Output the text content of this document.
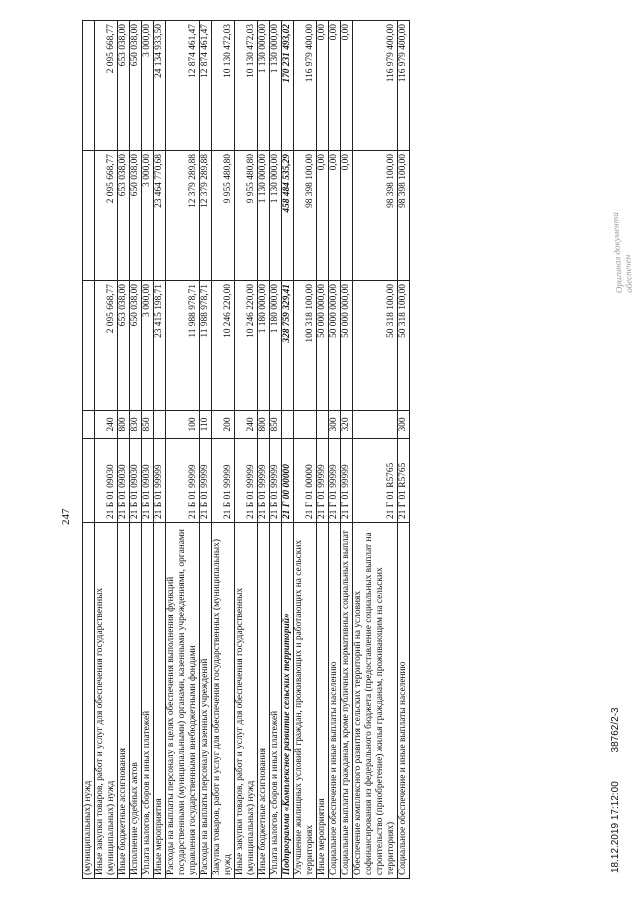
247
(муниципальных) нужд					
Иные закупки товаров, работ и услуг для обеспечения государственных (муниципальных) нужд	21 Б 01 09030	240	2 095 668,77	2 095 668,77	2 095 668,77
Иные бюджетные ассигнования	21 Б 01 09030	800	653 038,00	653 038,00	653 038,00
Исполнение судебных актов	21 Б 01 09030	830	650 038,00	650 038,00	650 038,00
Уплата налогов, сборов и иных платежей	21 Б 01 09030	850	3 000,00	3 000,00	3 000,00
Иные мероприятия	21 Б 01 99999		23 415 198,71	23 464 770,68	24 134 933,50
Расходы на выплаты персоналу в целях обеспечения выполнения функций государственными (муниципальными) органами, казенными учреждениями, органами управления государственными внебюджетными фондами	21 Б 01 99999	100	11 988 978,71	12 379 289,88	12 874 461,47
Расходы на выплаты персоналу казенных учреждений	21 Б 01 99999	110	11 988 978,71	12 379 289,88	12 874 461,47
Закупка товаров, работ и услуг для обеспечения государственных (муниципальных) нужд	21 Б 01 99999	200	10 246 220,00	9 955 480,80	10 130 472,03
Иные закупки товаров, работ и услуг для обеспечения государственных (муниципальных) нужд	21 Б 01 99999	240	10 246 220,00	9 955 480,80	10 130 472,03
Иные бюджетные ассигнования	21 Б 01 99999	800	1 180 000,00	1 130 000,00	1 130 000,00
Уплата налогов, сборов и иных платежей	21 Б 01 99999	850	1 180 000,00	1 130 000,00	1 130 000,00
Подпрограмма «Комплексное развитие сельских территорий»	21 Г 00 00000		328 759 329,41	458 484 535,29	170 231 493,02
Улучшение жилищных условий граждан, проживающих и работающих на сельских территориях	21 Г 01 00000		100 318 100,00	98 398 100,00	116 979 400,00
Иные мероприятия	21 Г 01 99999		50 000 000,00	0,00	0,00
Социальное обеспечение и иные выплаты населению	21 Г 01 99999	300	50 000 000,00	0,00	0,00
Социальные выплаты гражданам, кроме публичных нормативных социальных выплат	21 Г 01 99999	320	50 000 000,00	0,00	0,00
Обеспечение комплексного развития сельских территорий на условиях софинансирования из федерального бюджета (предоставление социальных выплат на строительство (приобретение) жилья гражданам, проживающим на сельских территориях)	21 Г 01 R5765		50 318 100,00	98 398 100,00	116 979 400,00
Социальное обеспечение и иные выплаты населению	21 Г 01 R5765	300	50 318 100,00	98 398 100,00	116 979 400,00
18.12.2019 17:12:00 38762/2-3
Оригинал документа
обеспечен
